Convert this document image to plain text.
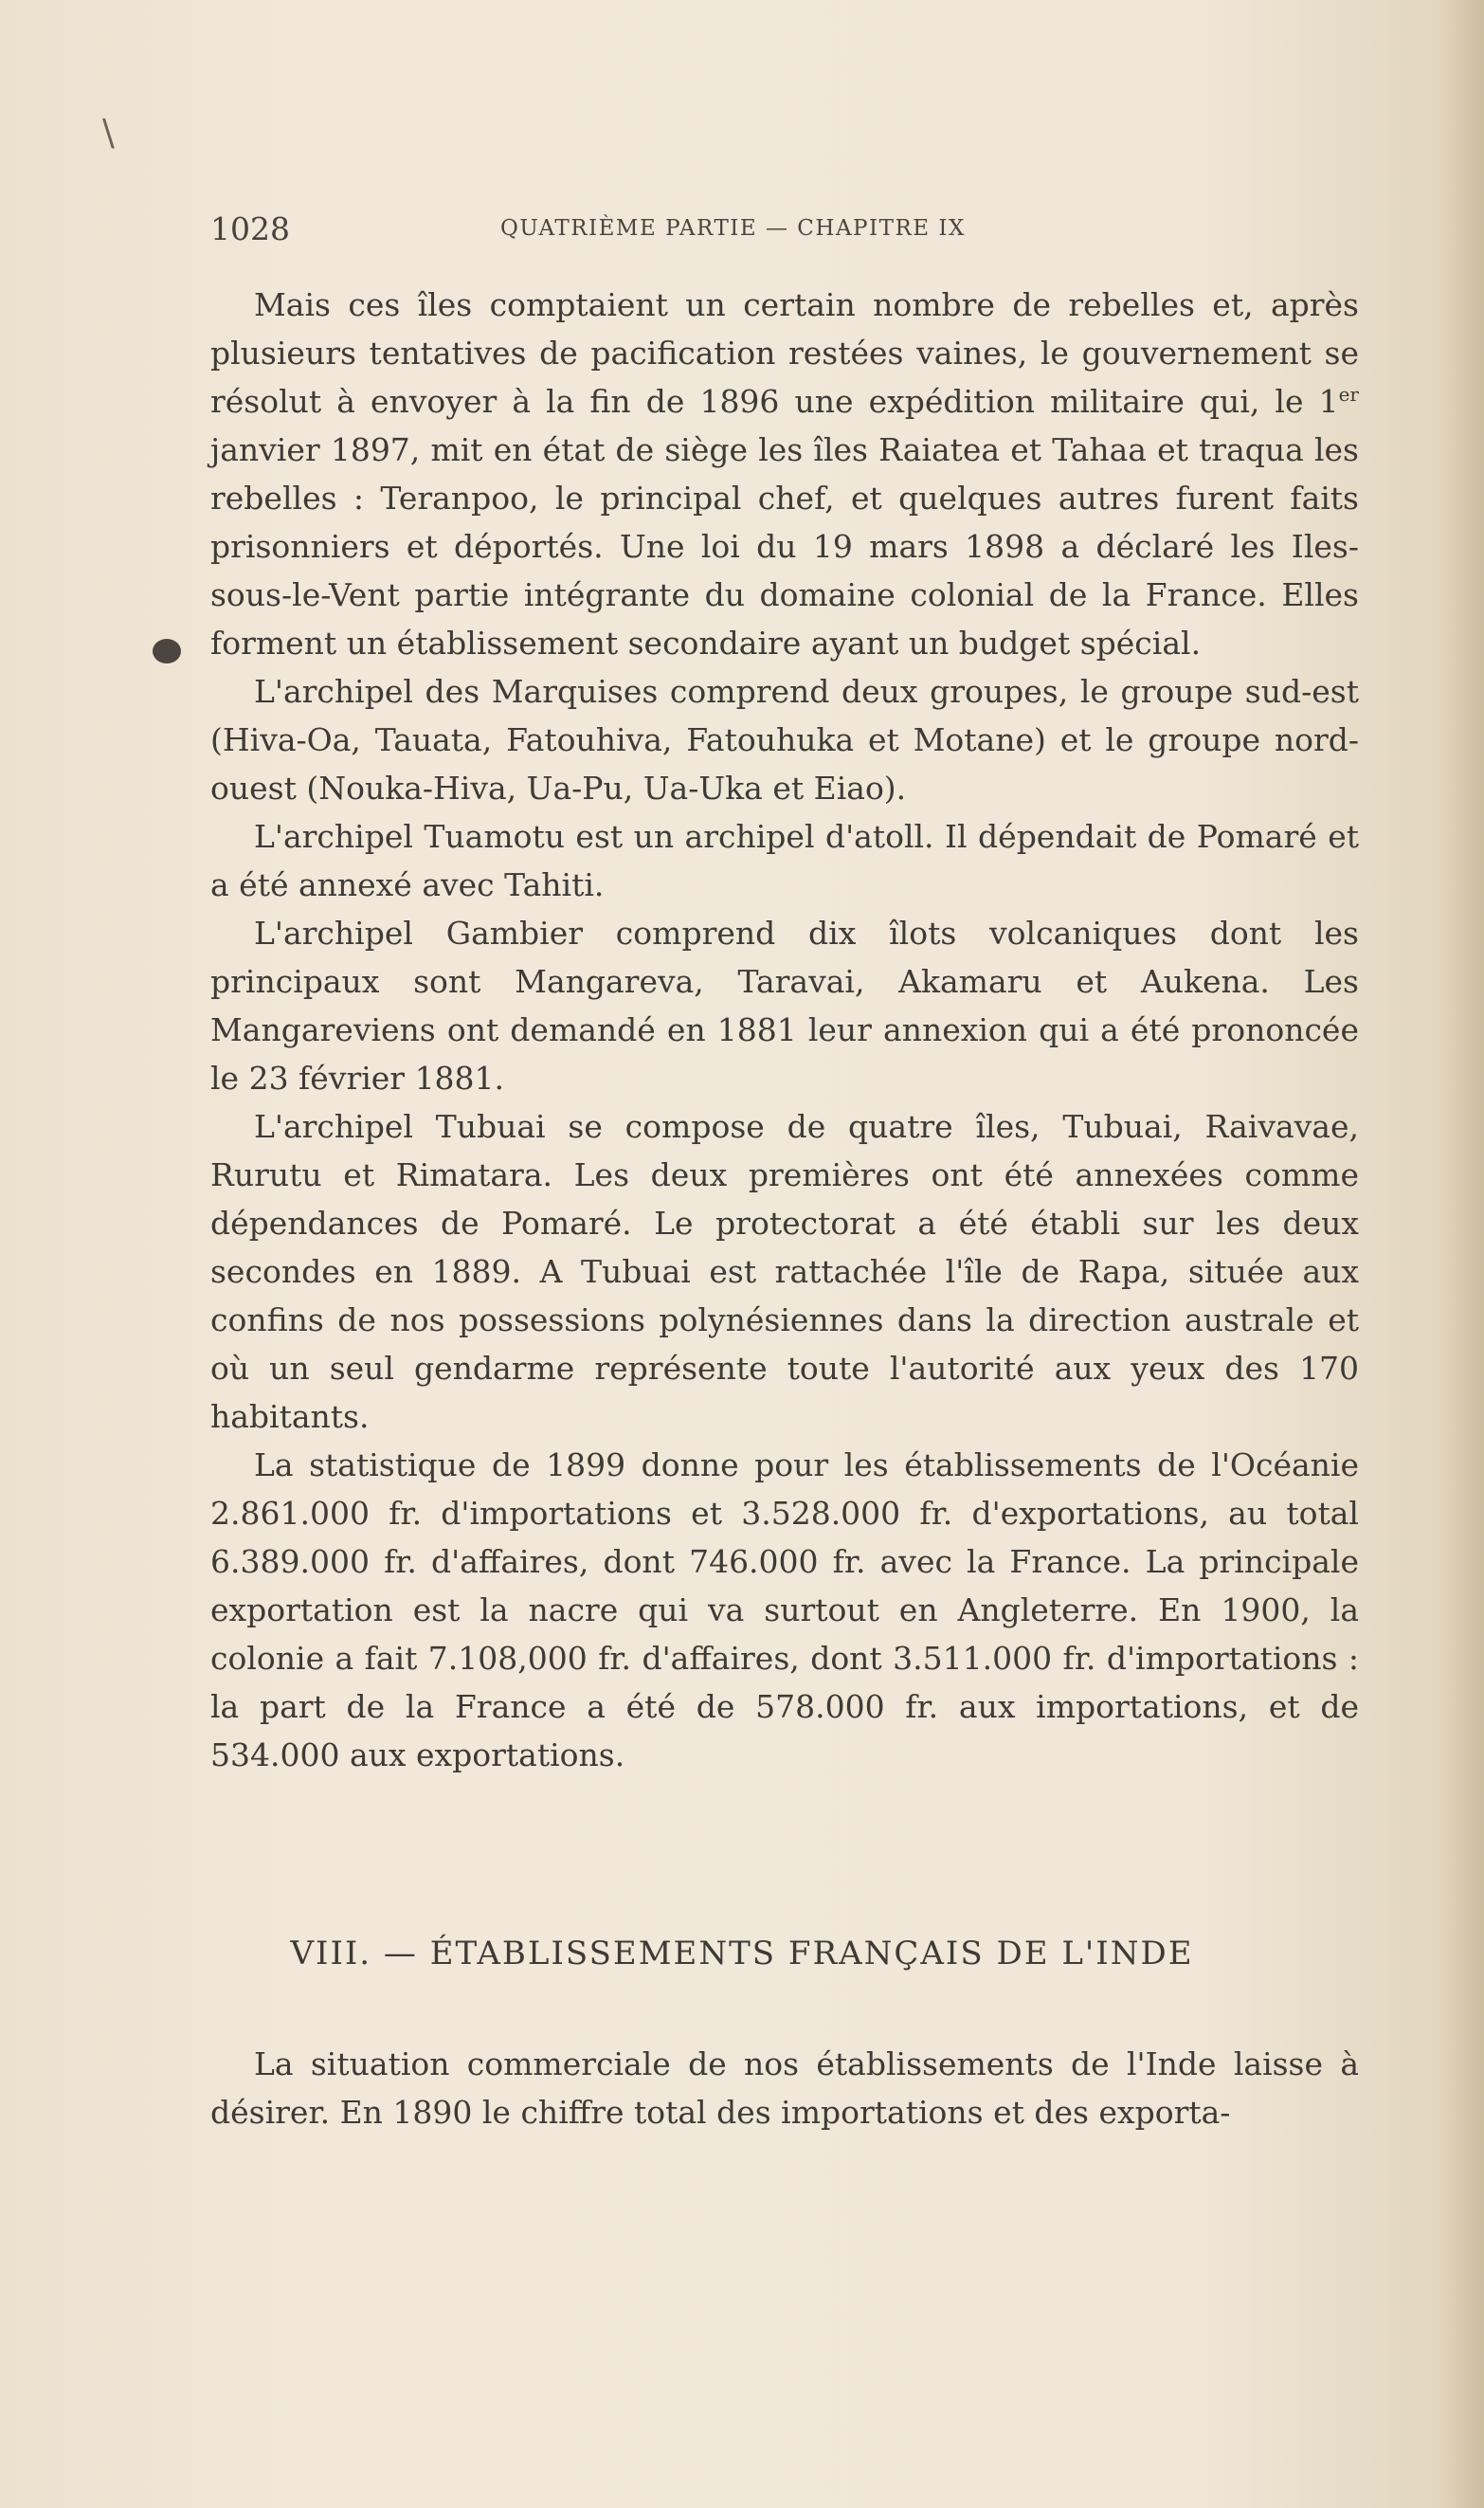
\
1028	QUATRIÈME PARTIE — CHAPITRE IX

Mais ces îles comptaient un certain nombre de rebelles et, après plusieurs tentatives de pacification restées vaines, le gouvernement se résolut à envoyer à la fin de 1896 une expédition militaire qui, le 1er janvier 1897, mit en état de siège les îles Raiatea et Tahaa et traqua les rebelles : Teranpoo, le principal chef, et quelques autres furent faits prisonniers et déportés. Une loi du 19 mars 1898 a déclaré les Iles-sous-le-Vent partie intégrante du domaine colonial de la France. Elles forment un établissement secondaire ayant un budget spécial.

L'archipel des Marquises comprend deux groupes, le groupe sud-est (Hiva-Oa, Tauata, Fatouhiva, Fatouhuka et Motane) et le groupe nord-ouest (Nouka-Hiva, Ua-Pu, Ua-Uka et Eiao).

L'archipel Tuamotu est un archipel d'atoll. Il dépendait de Pomaré et a été annexé avec Tahiti.

L'archipel Gambier comprend dix îlots volcaniques dont les principaux sont Mangareva, Taravai, Akamaru et Aukena. Les Mangareviens ont demandé en 1881 leur annexion qui a été prononcée le 23 février 1881.

L'archipel Tubuai se compose de quatre îles, Tubuai, Raivavae, Rurutu et Rimatara. Les deux premières ont été annexées comme dépendances de Pomaré. Le protectorat a été établi sur les deux secondes en 1889. A Tubuai est rattachée l'île de Rapa, située aux confins de nos possessions polynésiennes dans la direction australe et où un seul gendarme représente toute l'autorité aux yeux des 170 habitants.

La statistique de 1899 donne pour les établissements de l'Océanie 2.861.000 fr. d'importations et 3.528.000 fr. d'exportations, au total 6.389.000 fr. d'affaires, dont 746.000 fr. avec la France. La principale exportation est la nacre qui va surtout en Angleterre. En 1900, la colonie a fait 7.108,000 fr. d'affaires, dont 3.511.000 fr. d'importations : la part de la France a été de 578.000 fr. aux importations, et de 534.000 aux exportations.

VIII. — ÉTABLISSEMENTS FRANÇAIS DE L'INDE

La situation commerciale de nos établissements de l'Inde laisse à désirer. En 1890 le chiffre total des importations et des exporta-
